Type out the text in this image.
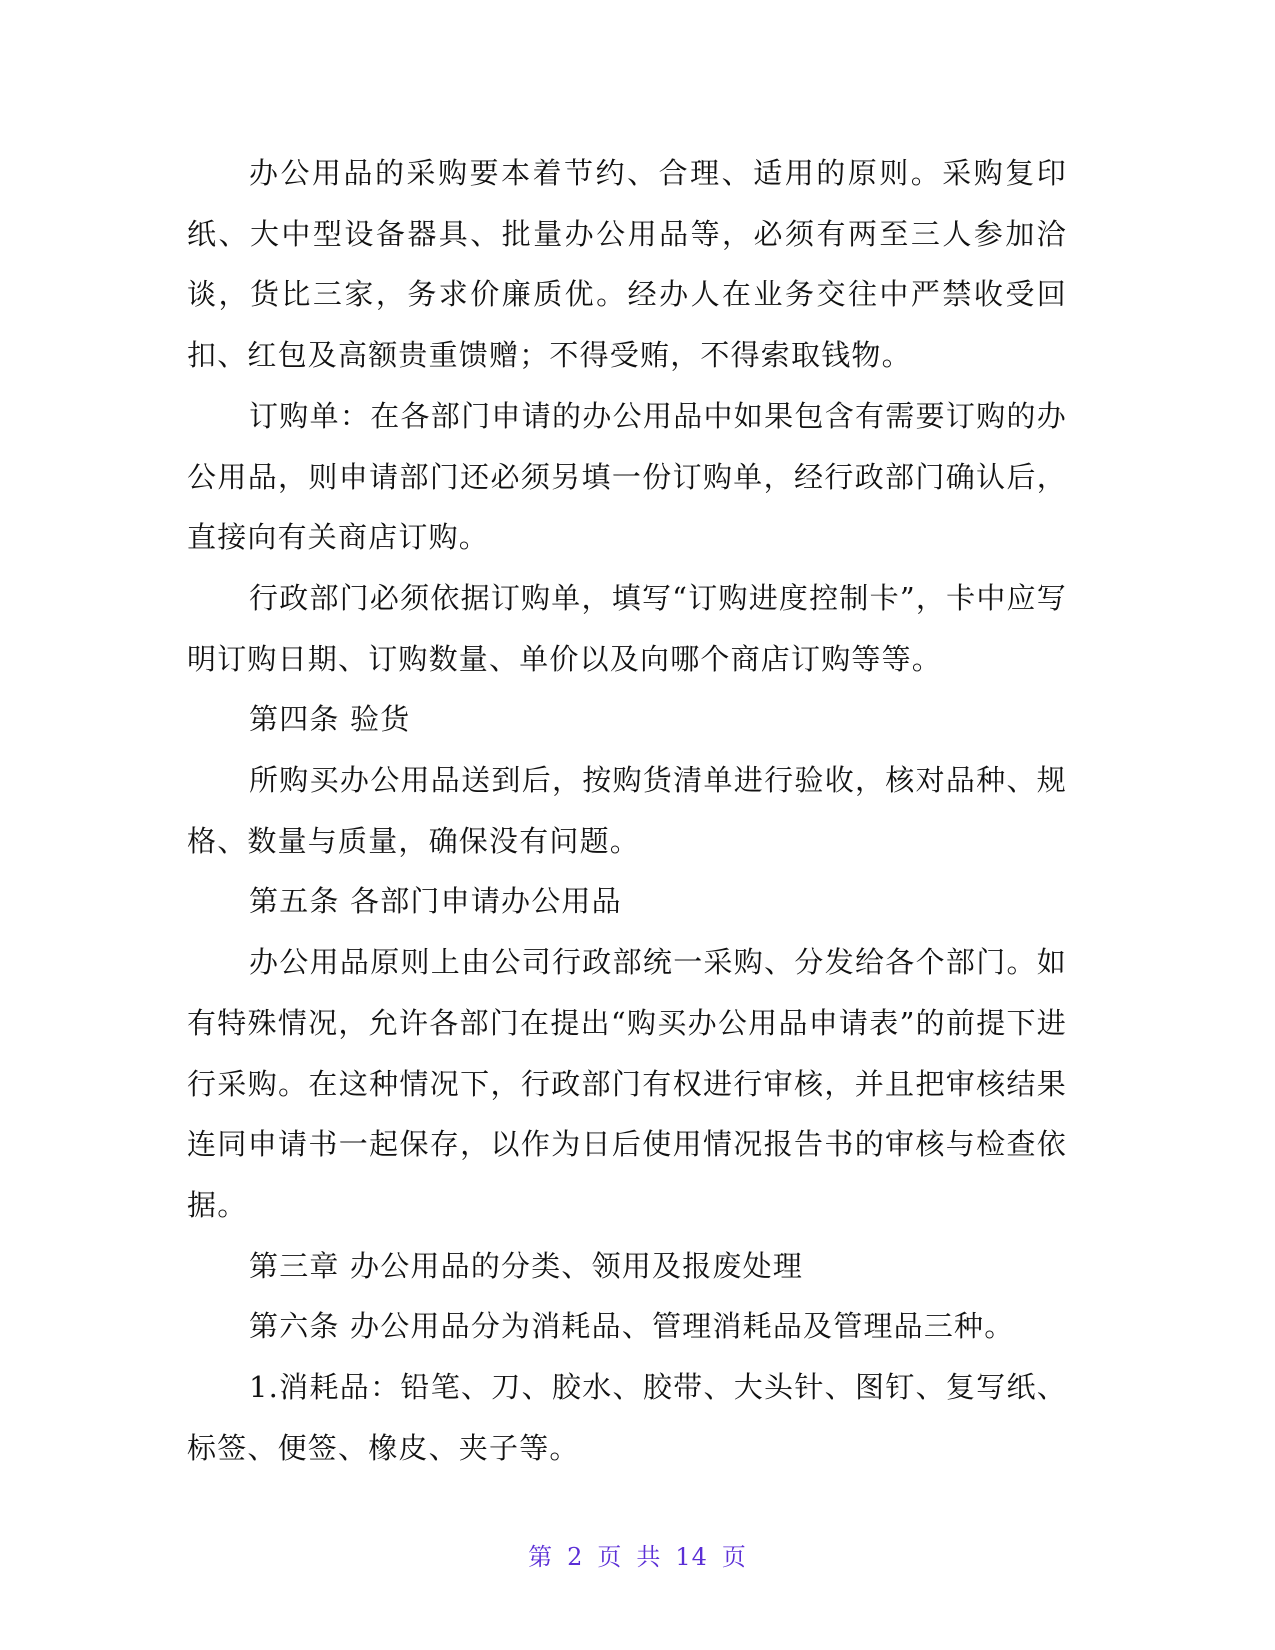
办公用品的采购要本着节约、合理、适用的原则。采购复印纸、大中型设备器具、批量办公用品等，必须有两至三人参加洽谈，货比三家，务求价廉质优。经办人在业务交往中严禁收受回扣、红包及高额贵重馈赠；不得受贿，不得索取钱物。

订购单：在各部门申请的办公用品中如果包含有需要订购的办公用品，则申请部门还必须另填一份订购单，经行政部门确认后，直接向有关商店订购。

行政部门必须依据订购单，填写“订购进度控制卡”，卡中应写明订购日期、订购数量、单价以及向哪个商店订购等等。

第四条 验货

所购买办公用品送到后，按购货清单进行验收，核对品种、规格、数量与质量，确保没有问题。

第五条 各部门申请办公用品

办公用品原则上由公司行政部统一采购、分发给各个部门。如有特殊情况，允许各部门在提出“购买办公用品申请表”的前提下进行采购。在这种情况下，行政部门有权进行审核，并且把审核结果连同申请书一起保存，以作为日后使用情况报告书的审核与检查依据。

第三章 办公用品的分类、领用及报废处理

第六条 办公用品分为消耗品、管理消耗品及管理品三种。

1.消耗品：铅笔、刀、胶水、胶带、大头针、图钉、复写纸、标签、便签、橡皮、夹子等。

第 2 页 共 14 页
